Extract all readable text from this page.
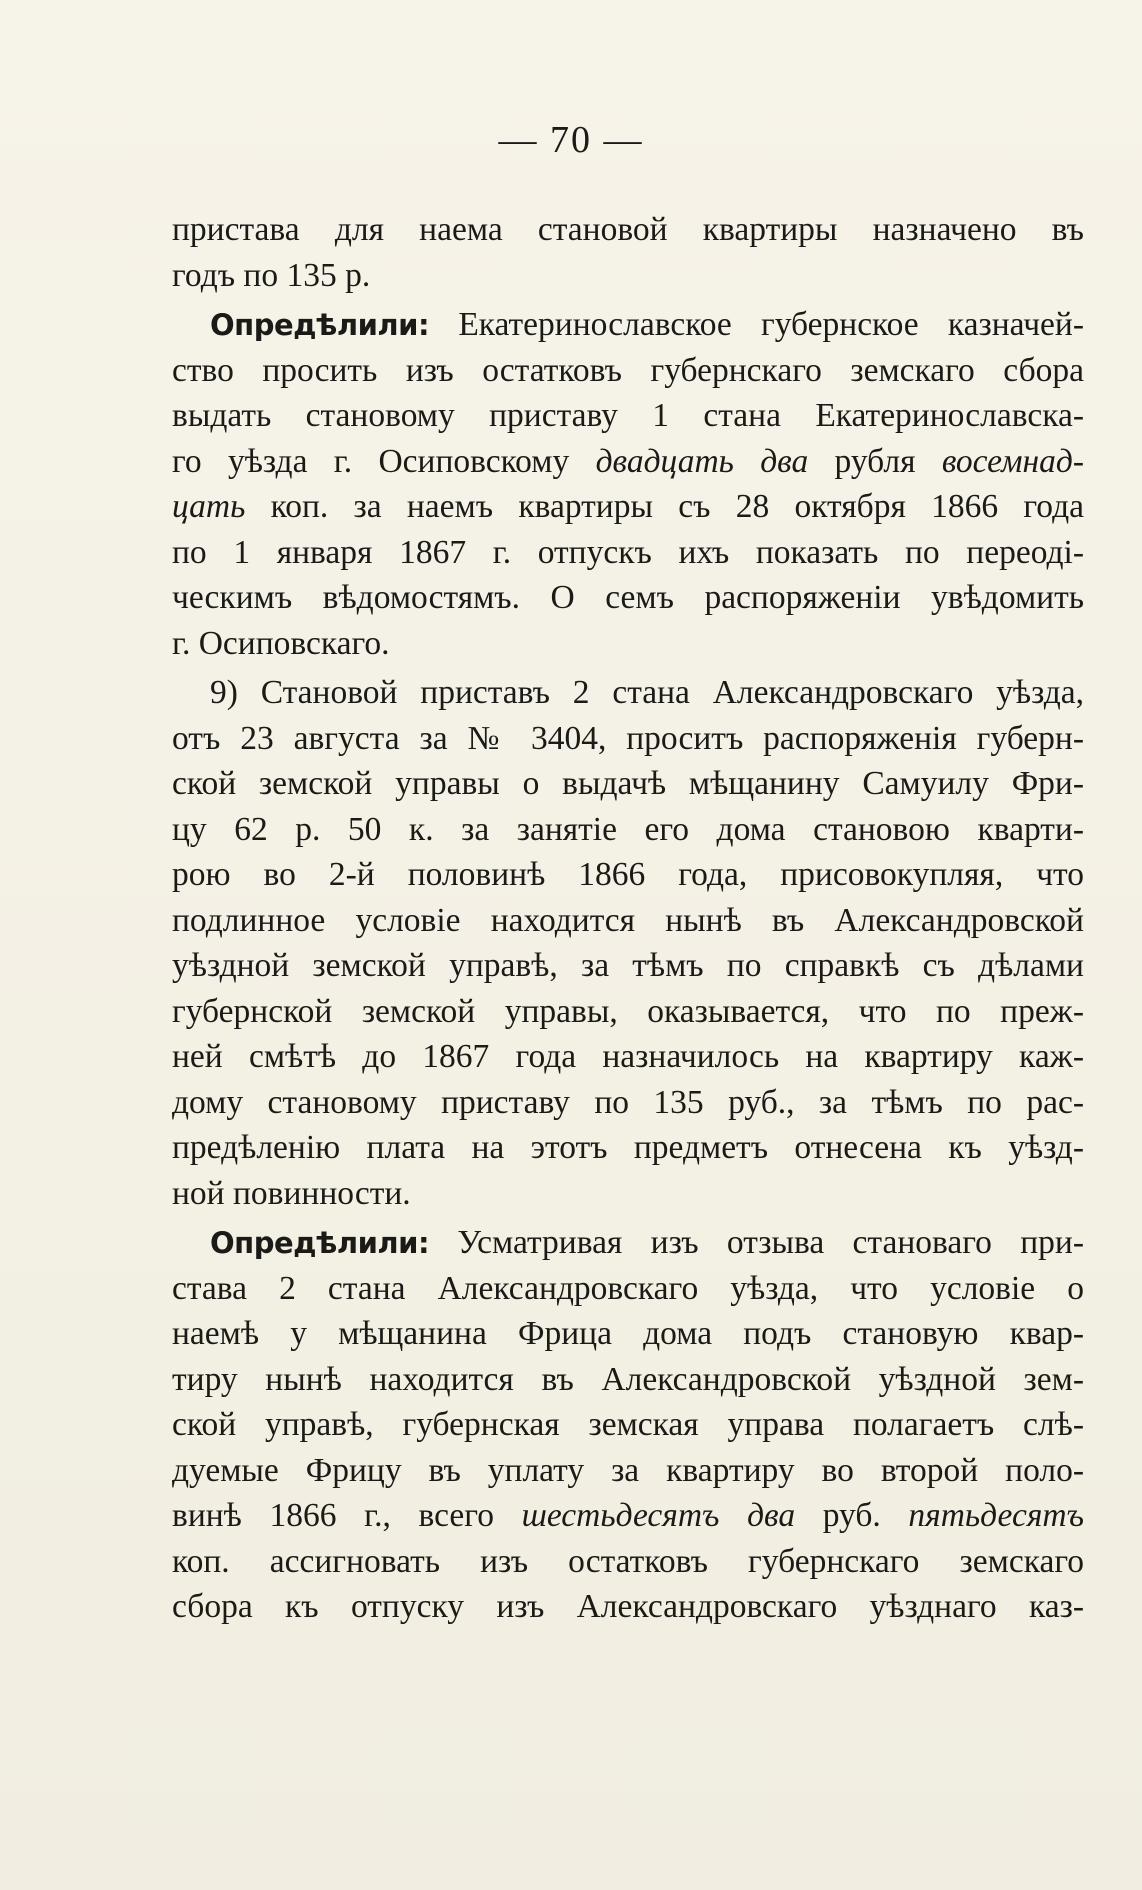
— 70 —
пристава для наема становой квартиры назначено въ
годъ по 135 р.
Опредѣлили: Екатеринославское губернское казначей-
ство просить изъ остатковъ губернскаго земскаго сбора
выдать становому приставу 1 стана Екатеринославска-
го уѣзда г. Осиповскому двадцать два рубля восемнад-
цать коп. за наемъ квартиры съ 28 октября 1866 года
по 1 января 1867 г. отпускъ ихъ показать по переоді-
ческимъ вѣдомостямъ. О семъ распоряженіи увѣдомить
г. Осиповскаго.
9) Становой приставъ 2 стана Александровскаго уѣзда,
отъ 23 августа за № 3404, проситъ распоряженія губерн-
ской земской управы о выдачѣ мѣщанину Самуилу Фри-
цу 62 р. 50 к. за занятіе его дома становою кварти-
рою во 2-й половинѣ 1866 года, присовокупляя, что
подлинное условіе находится нынѣ въ Александровской
уѣздной земской управѣ, за тѣмъ по справкѣ съ дѣлами
губернской земской управы, оказывается, что по преж-
ней смѣтѣ до 1867 года назначилось на квартиру каж-
дому становому приставу по 135 руб., за тѣмъ по рас-
предѣленію плата на этотъ предметъ отнесена къ уѣзд-
ной повинности.
Опредѣлили: Усматривая изъ отзыва становаго при-
става 2 стана Александровскаго уѣзда, что условіе о
наемѣ у мѣщанина Фрица дома подъ становую квар-
тиру нынѣ находится въ Александровской уѣздной зем-
ской управѣ, губернская земская управа полагаетъ слѣ-
дуемые Фрицу въ уплату за квартиру во второй поло-
винѣ 1866 г., всего шестьдесятъ два руб. пятьдесятъ
коп. ассигновать изъ остатковъ губернскаго земскаго
сбора къ отпуску изъ Александровскаго уѣзднаго каз-
